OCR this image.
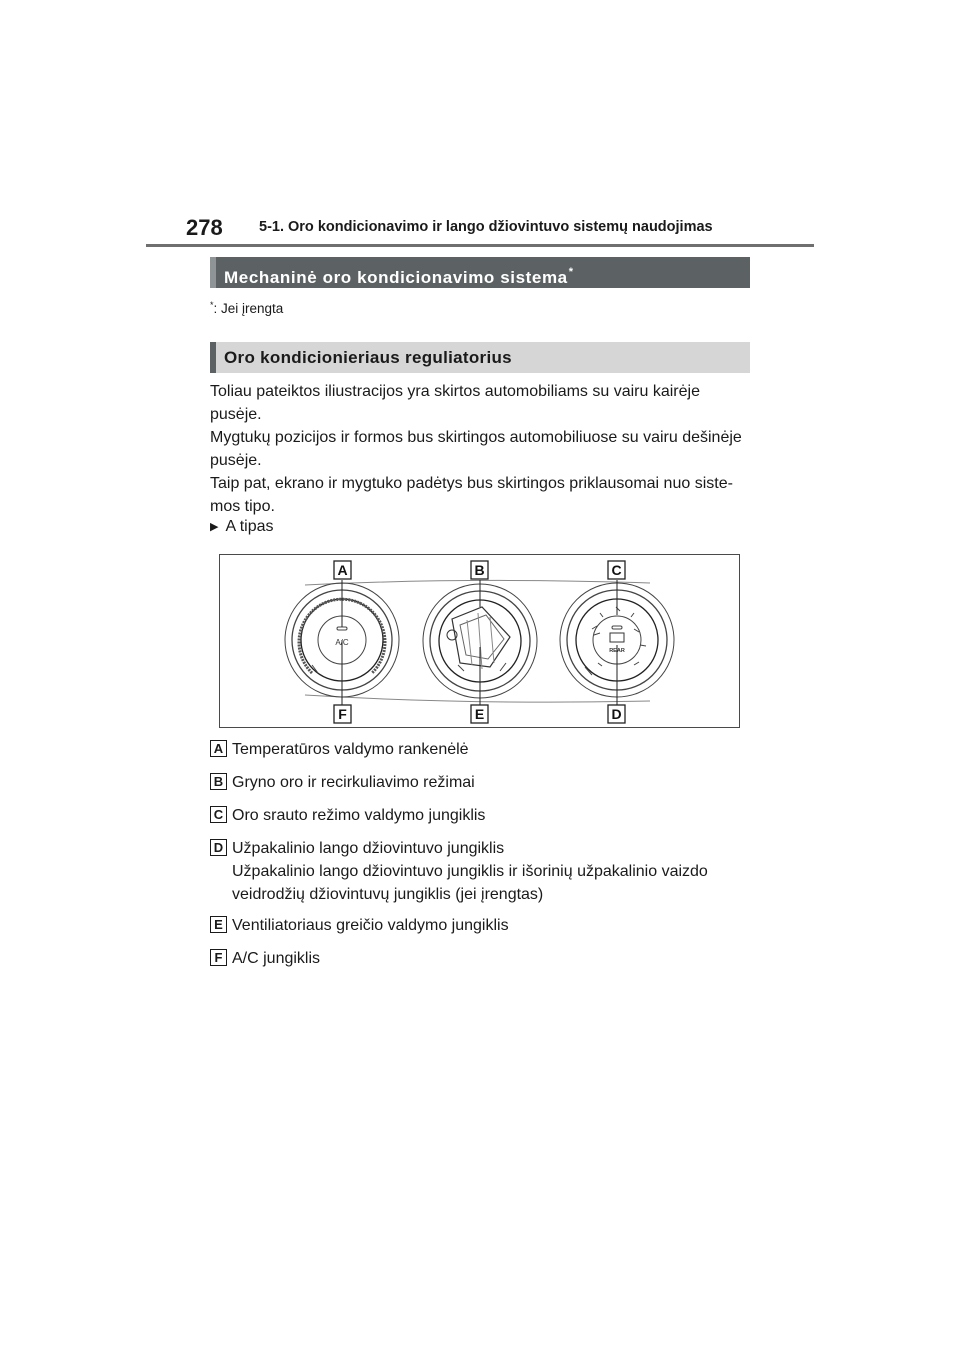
278	5-1. Oro kondicionavimo ir lango džiovintuvo sistemų naudojimas
Mechaninė oro kondicionavimo sistema*
*: Jei įrengta
Oro kondicionieriaus reguliatorius

Toliau pateiktos iliustracijos yra skirtos automobiliams su vairu kairėje

pusėje.

Mygtukų pozicijos ir formos bus skirtingos automobiliuose su vairu dešinėje

pusėje.

Taip pat, ekrano ir mygtuko padėtys bus skirtingos priklausomai nuo siste-

mos tipo.

▶ A tipas
A	B	C
D
E
F
A/C
REAR
A Temperatūros valdymo rankenėlė
B Gryno oro ir recirkuliavimo režimai
C Oro srauto režimo valdymo jungiklis
D Užpakalinio lango džiovintuvo jungiklis
Užpakalinio lango džiovintuvo jungiklis ir išorinių užpakalinio vaizdo
veidrodžių džiovintuvų jungiklis (jei įrengtas)
E Ventiliatoriaus greičio valdymo jungiklis
F A/C jungiklis
